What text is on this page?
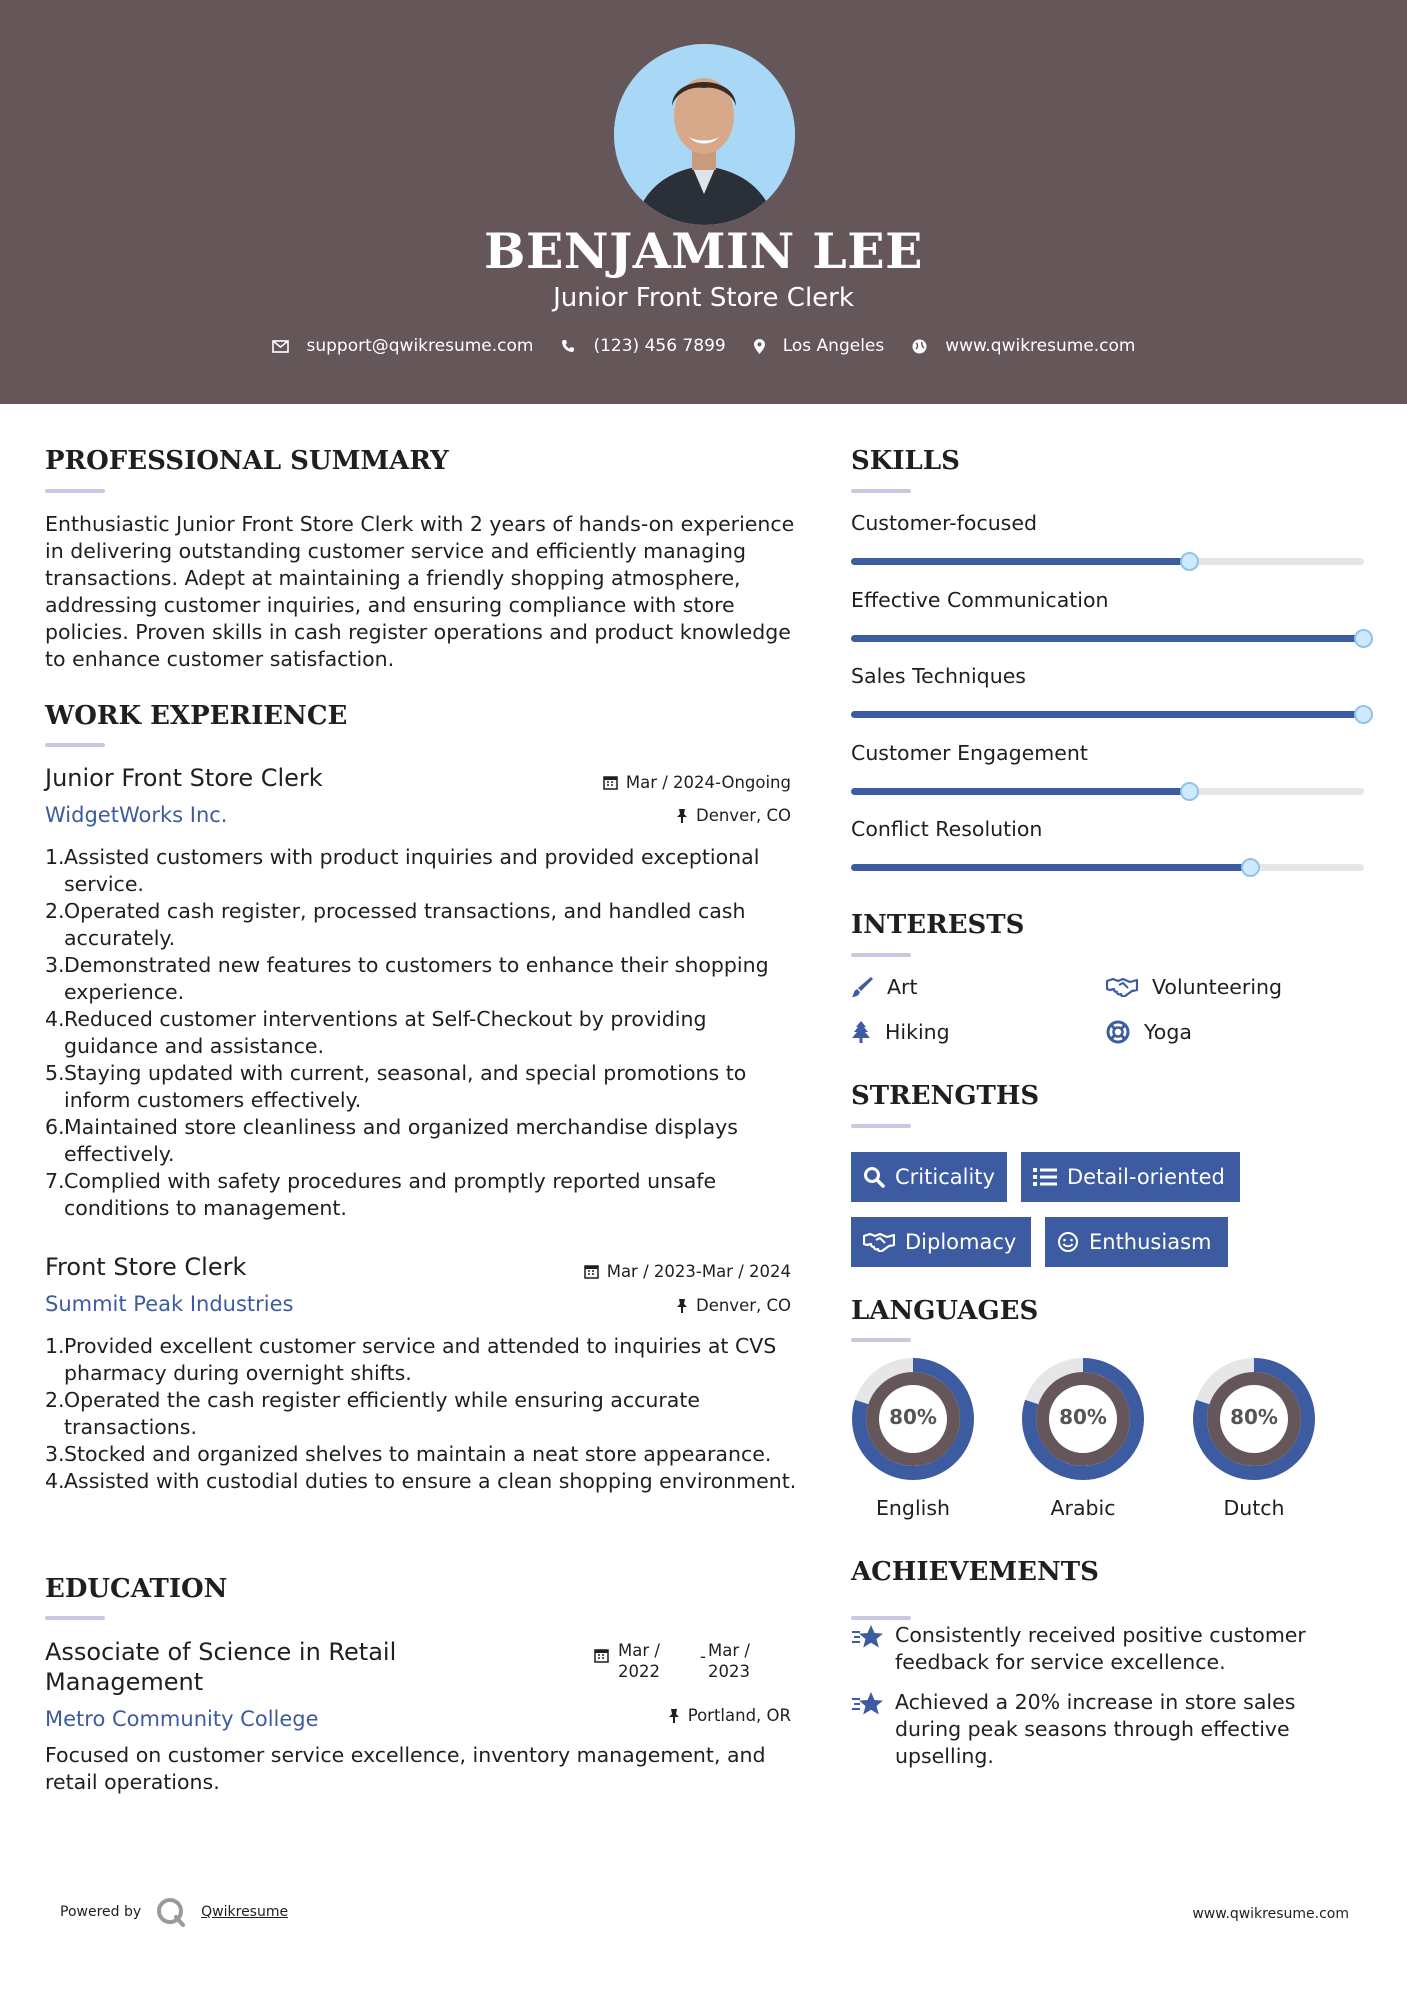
BENJAMIN LEE
Junior Front Store Clerk
support@qwikresume.com	(123) 456 7899	Los Angeles	www.qwikresume.com
PROFESSIONAL SUMMARY
Enthusiastic Junior Front Store Clerk with 2 years of hands-on experience in delivering outstanding customer service and efficiently managing transactions. Adept at maintaining a friendly shopping atmosphere, addressing customer inquiries, and ensuring compliance with store policies. Proven skills in cash register operations and product knowledge to enhance customer satisfaction.
WORK EXPERIENCE
Junior Front Store Clerk	Mar / 2024-Ongoing
WidgetWorks Inc.	Denver, CO
Assisted customers with product inquiries and provided exceptional service.
Operated cash register, processed transactions, and handled cash accurately.
Demonstrated new features to customers to enhance their shopping experience.
Reduced customer interventions at Self-Checkout by providing guidance and assistance.
Staying updated with current, seasonal, and special promotions to inform customers effectively.
Maintained store cleanliness and organized merchandise displays effectively.
Complied with safety procedures and promptly reported unsafe conditions to management.
Front Store Clerk	Mar / 2023-Mar / 2024
Summit Peak Industries	Denver, CO
Provided excellent customer service and attended to inquiries at CVS pharmacy during overnight shifts.
Operated the cash register efficiently while ensuring accurate transactions.
Stocked and organized shelves to maintain a neat store appearance.
Assisted with custodial duties to ensure a clean shopping environment.
EDUCATION
Associate of Science in Retail Management
Mar / 2022
- Mar / 2023
Metro Community College	Portland, OR
Focused on customer service excellence, inventory management, and retail operations.
SKILLS
Customer-focused
Effective Communication
Sales Techniques
Customer Engagement
Conflict Resolution
INTERESTS
Art	Volunteering
Hiking	Yoga
STRENGTHS
Criticality	Detail-oriented
Diplomacy	Enthusiasm
LANGUAGES
80%
English
80%
Arabic
80%
Dutch
ACHIEVEMENTS
Consistently received positive customer feedback for service excellence.
Achieved a 20% increase in store sales during peak seasons through effective upselling.
Powered by	Qwikresume	www.qwikresume.com
